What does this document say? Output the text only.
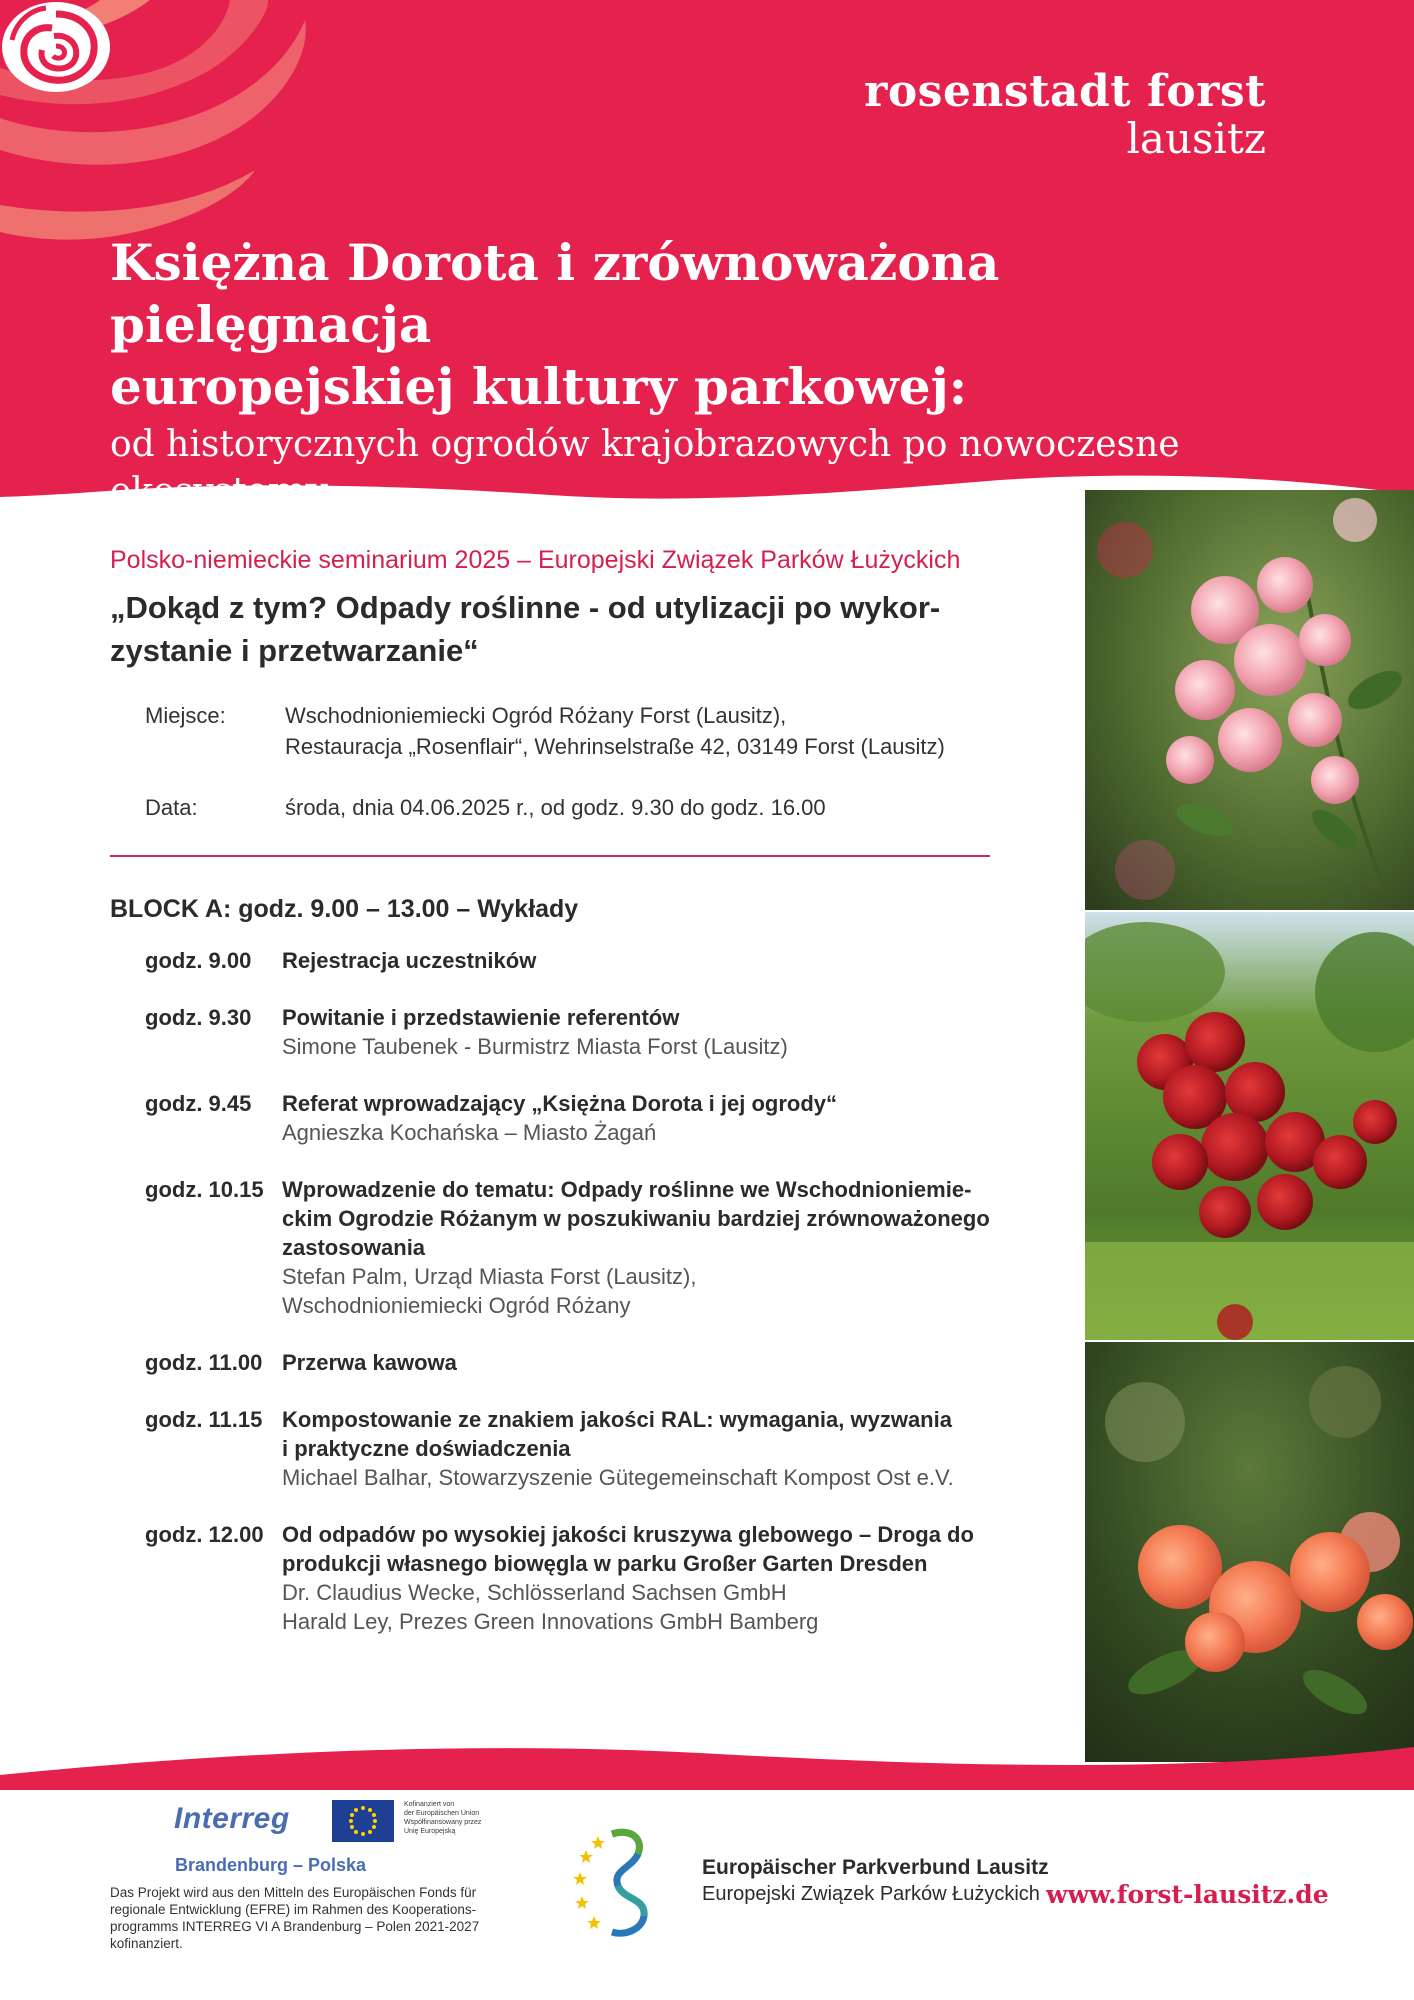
rosenstadt forst
lausitz
Księżna Dorota i zrównoważona pielęgnacja
europejskiej kultury parkowej:
od historycznych ogrodów krajobrazowych po nowoczesne ekosystemy
Polsko-niemieckie seminarium 2025 – Europejski Związek Parków Łużyckich
„Dokąd z tym? Odpady roślinne - od utylizacji po wykor-
zystanie i przetwarzanie“
Miejsce:	Wschodnioniemiecki Ogród Różany Forst (Lausitz),
Restauracja „Rosenflair“, Wehrinselstraße 42, 03149 Forst (Lausitz)
Data:	środa, dnia 04.06.2025 r., od godz. 9.30 do godz. 16.00
BLOCK A: godz. 9.00 – 13.00 – Wykłady
godz. 9.00	Rejestracja uczestników
godz. 9.30	Powitanie i przedstawienie referentów
Simone Taubenek - Burmistrz Miasta Forst (Lausitz)
godz. 9.45	Referat wprowadzający „Księżna Dorota i jej ogrody“
Agnieszka Kochańska – Miasto Żagań
godz. 10.15 Wprowadzenie do tematu: Odpady roślinne we Wschodnioniemie-
ckim Ogrodzie Różanym w poszukiwaniu bardziej zrównoważonego
zastosowania
Stefan Palm, Urząd Miasta Forst (Lausitz),
Wschodnioniemiecki Ogród Różany
godz. 11.00 Przerwa kawowa
godz. 11.15 Kompostowanie ze znakiem jakości RAL: wymagania, wyzwania
i praktyczne doświadczenia
Michael Balhar, Stowarzyszenie Gütegemeinschaft Kompost Ost e.V.
godz. 12.00 Od odpadów po wysokiej jakości kruszywa glebowego – Droga do
produkcji własnego biowęgla w parku Großer Garten Dresden
Dr. Claudius Wecke, Schlösserland Sachsen GmbH
Harald Ley, Prezes Green Innovations GmbH Bamberg
Interreg	Kofinanziert von
der Europäischen Union
Współfinansowany przez
Unię Europejską
Brandenburg – Polska
Das Projekt wird aus den Mitteln des Europäischen Fonds für
regionale Entwicklung (EFRE) im Rahmen des Kooperations-
programms INTERREG VI A Brandenburg – Polen 2021-2027
kofinanziert.
Europäischer Parkverbund Lausitz
Europejski Związek Parków Łużyckich www.forst-lausitz.de
